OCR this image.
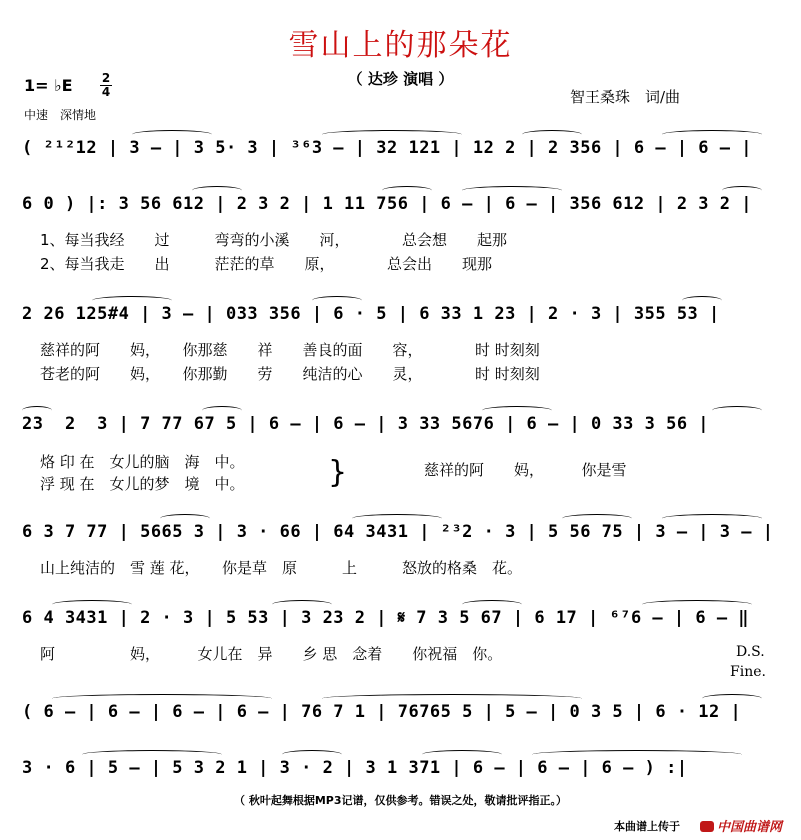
雪山上的那朵花
（ 达珍 演唱 ）
智王桑珠　词/曲
1= ♭E 2
4
中速　深情地
( ²¹²12 | 3 – | 3 5· 3 | ³⁶3 – | 32 121 | 12 2 | 2 356 | 6 – | 6 – |
6 0 ) |: 3 56 612 | 2 3 2 | 1 11 756 | 6 – | 6 – | 356 612 | 2 3 2 |
1、每当我经　　过　　　弯弯的小溪　　河，　　　　总会想　　起那
2、每当我走　　出　　　茫茫的草　　原，　　　　总会出　　现那
2 26 125#4 | 3 – | 033 356 | 6 · 5 | 6 33 1 23 | 2 · 3 | 355 53 |
慈祥的阿　　妈，　　你那慈　　祥　　善良的面　　容，　　　　时 时刻刻
苍老的阿　　妈，　　你那勤　　劳　　纯洁的心　　灵，　　　　时 时刻刻
23  2  3 | 7 77 67 5 | 6 – | 6 – | 3 33 5676 | 6 – | 0 33 3 56 |
烙 印 在　女儿的脑　海　中。
浮 现 在　女儿的梦　境　中。	}	慈祥的阿　　妈，　　　你是雪
6 3 7 77 | 5665 3 | 3 · 66 | 64 3431 | ²³2 · 3 | 5 56 75 | 3 – | 3 – |
山上纯洁的　雪 莲 花，　　你是草　原　　　上　　　怒放的格桑　花。
6 4 3431 | 2 · 3 | 5 53 | 3 23 2 | 𝄋 7 3 5 67 | 6 17 | ⁶⁷6 – | 6 – ‖
阿　　　　　妈，　　　女儿在　异　　乡 思　念着　　你祝福　你。	D.S.
Fine.
( 6 – | 6 – | 6 – | 6 – | 76 7 1 | 76765 5 | 5 – | 0 3 5 | 6 · 12 |
3 · 6 | 5 – | 5 3 2 1 | 3 · 2 | 3 1 371 | 6 – | 6 – | 6 – ) :|
（ 秋叶起舞根据MP3记谱，仅供参考。错误之处，敬请批评指正。）
本曲谱上传于	中国曲谱网
